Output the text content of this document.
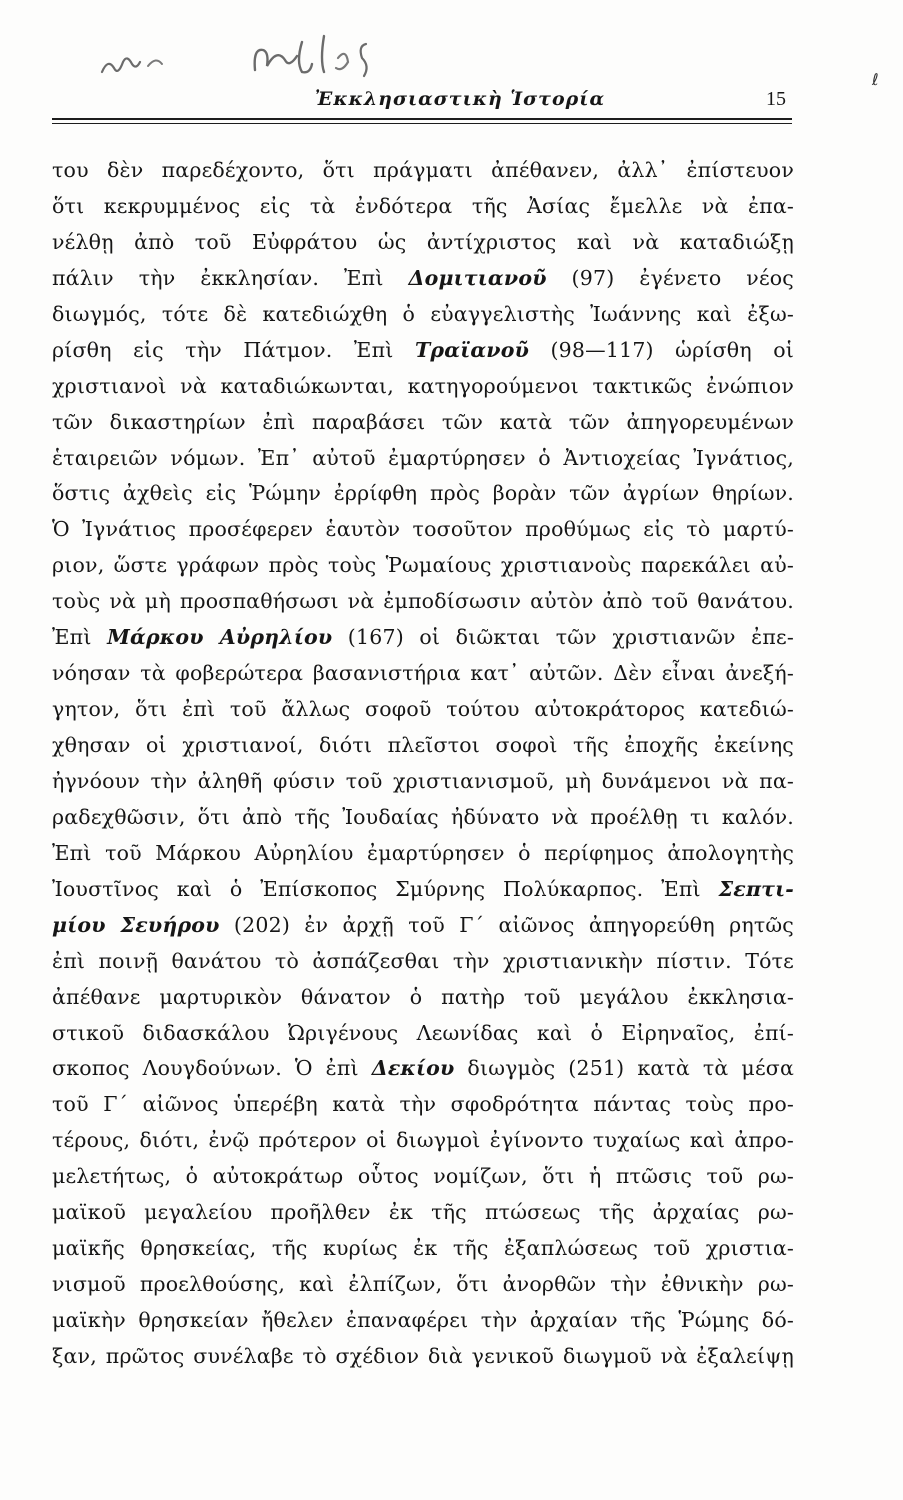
ℓ
Ἐκκλησιαστικὴ Ἱστορία	15
του δὲν παρεδέχοντο, ὅτι πράγματι ἀπέθανεν, ἀλλ᾽ ἐπίστευον
ὅτι κεκρυμμένος εἰς τὰ ἐνδότερα τῆς Ἀσίας ἔμελλε νὰ ἐπα-
νέλθῃ ἀπὸ τοῦ Εὐφράτου ὡς ἀντίχριστος καὶ νὰ καταδιώξῃ
πάλιν τὴν ἐκκλησίαν. Ἐπὶ Δομιτιανοῦ (97) ἐγένετο νέος
διωγμός, τότε δὲ κατεδιώχθη ὁ εὐαγγελιστὴς Ἰωάννης καὶ ἐξω-
ρίσθη εἰς τὴν Πάτμον. Ἐπὶ Τραϊανοῦ (98—117) ὡρίσθη οἱ
χριστιανοὶ νὰ καταδιώκωνται, κατηγορούμενοι τακτικῶς ἐνώπιον
τῶν δικαστηρίων ἐπὶ παραβάσει τῶν κατὰ τῶν ἀπηγορευμένων
ἑταιρειῶν νόμων. Ἐπ᾽ αὐτοῦ ἐμαρτύρησεν ὁ Ἀντιοχείας Ἰγνάτιος,
ὅστις ἀχθεὶς εἰς Ῥώμην ἐρρίφθη πρὸς βορὰν τῶν ἀγρίων θηρίων.
Ὁ Ἰγνάτιος προσέφερεν ἑαυτὸν τοσοῦτον προθύμως εἰς τὸ μαρτύ-
ριον, ὥστε γράφων πρὸς τοὺς Ῥωμαίους χριστιανοὺς παρεκάλει αὐ-
τοὺς νὰ μὴ προσπαθήσωσι νὰ ἐμποδίσωσιν αὐτὸν ἀπὸ τοῦ θανάτου.
Ἐπὶ Μάρκου Αὐρηλίου (167) οἱ διῶκται τῶν χριστιανῶν ἐπε-
νόησαν τὰ φοβερώτερα βασανιστήρια κατ᾽ αὐτῶν. Δὲν εἶναι ἀνεξή-
γητον, ὅτι ἐπὶ τοῦ ἄλλως σοφοῦ τούτου αὐτοκράτορος κατεδιώ-
χθησαν οἱ χριστιανοί, διότι πλεῖστοι σοφοὶ τῆς ἐποχῆς ἐκείνης
ἠγνόουν τὴν ἀληθῆ φύσιν τοῦ χριστιανισμοῦ, μὴ δυνάμενοι νὰ πα-
ραδεχθῶσιν, ὅτι ἀπὸ τῆς Ἰουδαίας ἠδύνατο νὰ προέλθῃ τι καλόν.
Ἐπὶ τοῦ Μάρκου Αὐρηλίου ἐμαρτύρησεν ὁ περίφημος ἀπολογητὴς
Ἰουστῖνος καὶ ὁ Ἐπίσκοπος Σμύρνης Πολύκαρπος. Ἐπὶ Σεπτι-
μίου Σευήρου (202) ἐν ἀρχῇ τοῦ Γ´ αἰῶνος ἀπηγορεύθη ρητῶς
ἐπὶ ποινῇ θανάτου τὸ ἀσπάζεσθαι τὴν χριστιανικὴν πίστιν. Τότε
ἀπέθανε μαρτυρικὸν θάνατον ὁ πατὴρ τοῦ μεγάλου ἐκκλησια-
στικοῦ διδασκάλου Ὠριγένους Λεωνίδας καὶ ὁ Εἰρηναῖος, ἐπί-
σκοπος Λουγδούνων. Ὁ ἐπὶ Δεκίου διωγμὸς (251) κατὰ τὰ μέσα
τοῦ Γ´ αἰῶνος ὑπερέβη κατὰ τὴν σφοδρότητα πάντας τοὺς προ-
τέρους, διότι, ἐνῷ πρότερον οἱ διωγμοὶ ἐγίνοντο τυχαίως καὶ ἀπρο-
μελετήτως, ὁ αὐτοκράτωρ οὗτος νομίζων, ὅτι ἡ πτῶσις τοῦ ρω-
μαϊκοῦ μεγαλείου προῆλθεν ἐκ τῆς πτώσεως τῆς ἀρχαίας ρω-
μαϊκῆς θρησκείας, τῆς κυρίως ἐκ τῆς ἐξαπλώσεως τοῦ χριστια-
νισμοῦ προελθούσης, καὶ ἐλπίζων, ὅτι ἀνορθῶν τὴν ἐθνικὴν ρω-
μαϊκὴν θρησκείαν ἤθελεν ἐπαναφέρει τὴν ἀρχαίαν τῆς Ῥώμης δό-
ξαν, πρῶτος συνέλαβε τὸ σχέδιον διὰ γενικοῦ διωγμοῦ νὰ ἐξαλείψῃ
